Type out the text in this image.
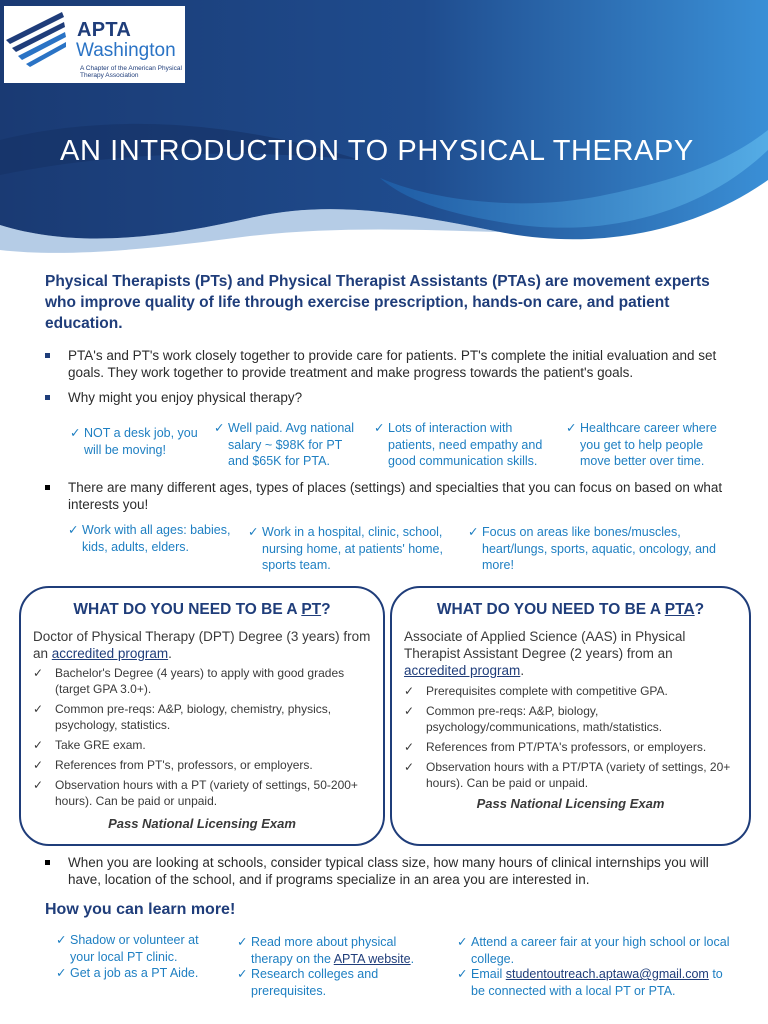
APTA
Washington
A Chapter of the American Physical Therapy Association
AN INTRODUCTION TO PHYSICAL THERAPY
Physical Therapists (PTs) and Physical Therapist Assistants (PTAs) are movement experts who improve quality of life through exercise prescription, hands-on care, and patient education.
PTA's and PT's work closely together to provide care for patients. PT's complete the initial evaluation and set goals. They work together to provide treatment and make progress towards the patient's goals.
Why might you enjoy physical therapy?
✓ NOT a desk job, you will be moving!
✓ Well paid. Avg national salary ~ $98K for PT and $65K for PTA.
✓ Lots of interaction with patients, need empathy and good communication skills.
✓ Healthcare career where you get to help people move better over time.
There are many different ages, types of places (settings) and specialties that you can focus on based on what interests you!
✓ Work with all ages: babies, kids, adults, elders.
✓ Work in a hospital, clinic, school, nursing home, at patients' home, sports team.
✓ Focus on areas like bones/muscles, heart/lungs, sports, aquatic, oncology, and more!
WHAT DO YOU NEED TO BE A PT?
Doctor of Physical Therapy (DPT) Degree (3 years) from an accredited program.
✓ Bachelor's Degree (4 years) to apply with good grades (target GPA 3.0+).
✓ Common pre-reqs: A&P, biology, chemistry, physics, psychology, statistics.
✓ Take GRE exam.
✓ References from PT's, professors, or employers.
✓ Observation hours with a PT (variety of settings, 50-200+ hours). Can be paid or unpaid.
Pass National Licensing Exam
WHAT DO YOU NEED TO BE A PTA?
Associate of Applied Science (AAS) in Physical Therapist Assistant Degree (2 years) from an accredited program.
✓ Prerequisites complete with competitive GPA.
✓ Common pre-reqs: A&P, biology, psychology/communications, math/statistics.
✓ References from PT/PTA's professors, or employers.
✓ Observation hours with a PT/PTA (variety of settings, 20+ hours). Can be paid or unpaid.
Pass National Licensing Exam
When you are looking at schools, consider typical class size, how many hours of clinical internships you will have, location of the school, and if programs specialize in an area you are interested in.
How you can learn more!
✓ Shadow or volunteer at your local PT clinic.
✓ Get a job as a PT Aide.
✓ Read more about physical therapy on the APTA website.
✓ Research colleges and prerequisites.
✓ Attend a career fair at your high school or local college.
✓ Email studentoutreach.aptawa@gmail.com to be connected with a local PT or PTA.
